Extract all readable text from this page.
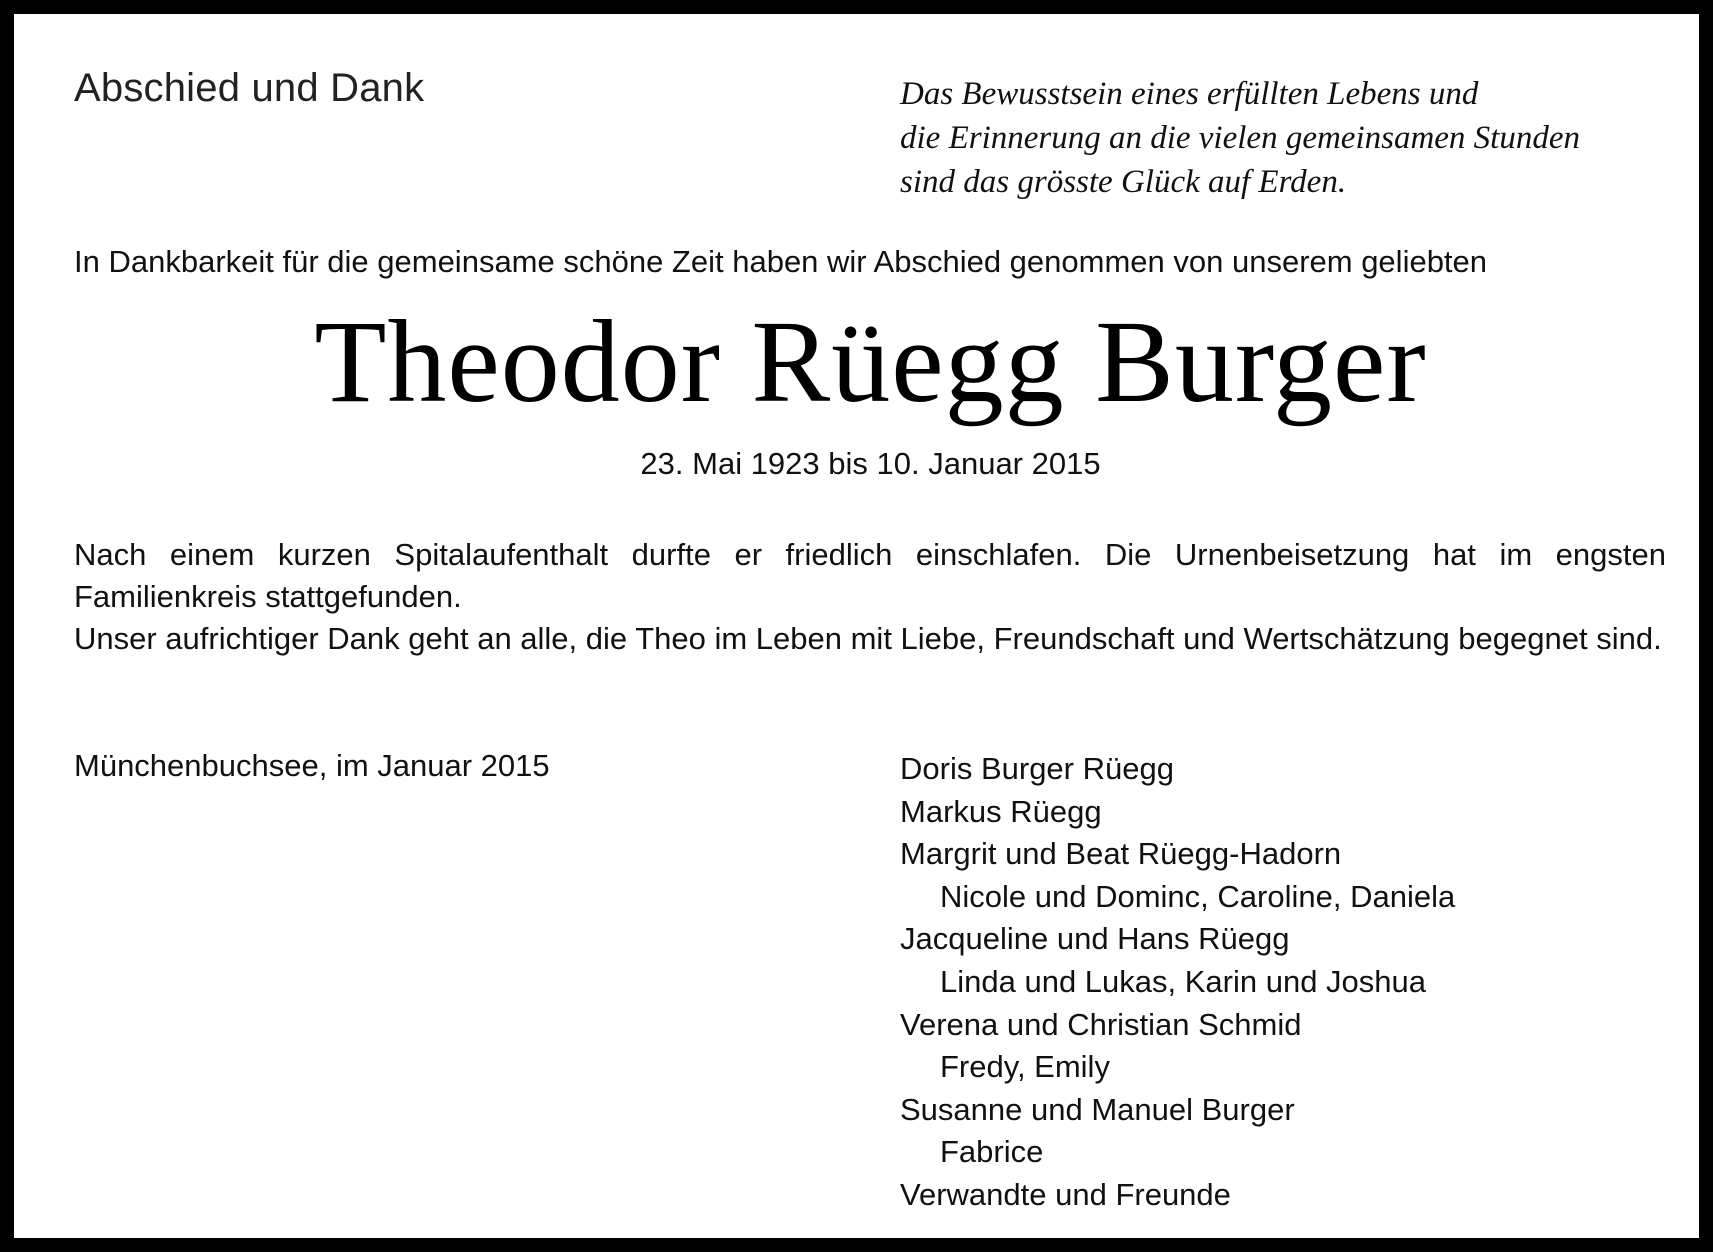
Abschied und Dank	Das Bewusstsein eines erfüllten Lebens und
die Erinnerung an die vielen gemeinsamen Stunden
sind das grösste Glück auf Erden.
In Dankbarkeit für die gemeinsame schöne Zeit haben wir Abschied genommen von unserem geliebten
Theodor Rüegg Burger
23. Mai 1923 bis 10. Januar 2015

Nach einem kurzen Spitalaufenthalt durfte er friedlich einschlafen. Die Urnenbeisetzung hat im engsten Familienkreis stattgefunden.

Unser aufrichtiger Dank geht an alle, die Theo im Leben mit Liebe, Freundschaft und Wertschätzung begegnet sind.

Münchenbuchsee, im Januar 2015	Doris Burger Rüegg
Markus Rüegg
Margrit und Beat Rüegg-Hadorn
Nicole und Dominc, Caroline, Daniela
Jacqueline und Hans Rüegg
Linda und Lukas, Karin und Joshua
Verena und Christian Schmid
Fredy, Emily
Susanne und Manuel Burger
Fabrice
Verwandte und Freunde
